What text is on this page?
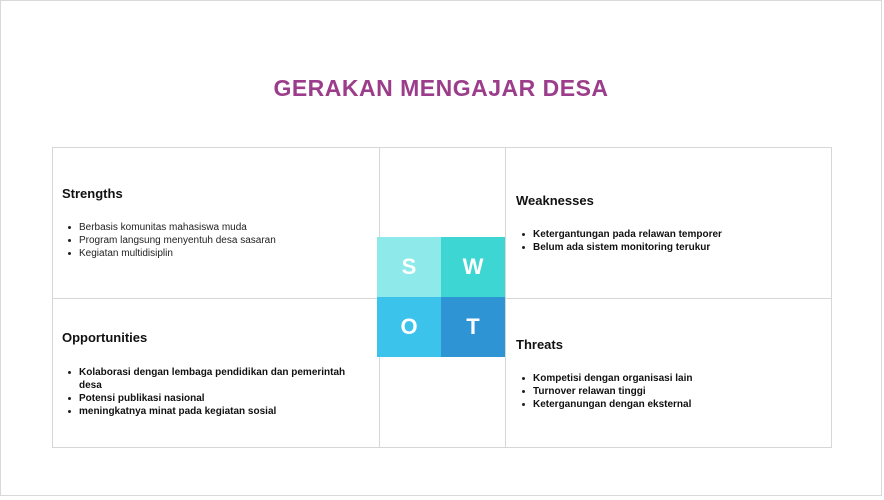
GERAKAN MENGAJAR DESA
Strengths
Berbasis komunitas mahasiswa muda
Program langsung menyentuh desa sasaran
Kegiatan multidisiplin
Weaknesses
Ketergantungan pada relawan temporer
Belum ada sistem monitoring terukur
Opportunities
Kolaborasi dengan lembaga pendidikan dan pemerintah desa
Potensi publikasi nasional
meningkatnya minat pada kegiatan sosial
Threats
Kompetisi dengan organisasi lain
Turnover relawan tinggi
Keterganungan dengan eksternal
S	W
O	T
